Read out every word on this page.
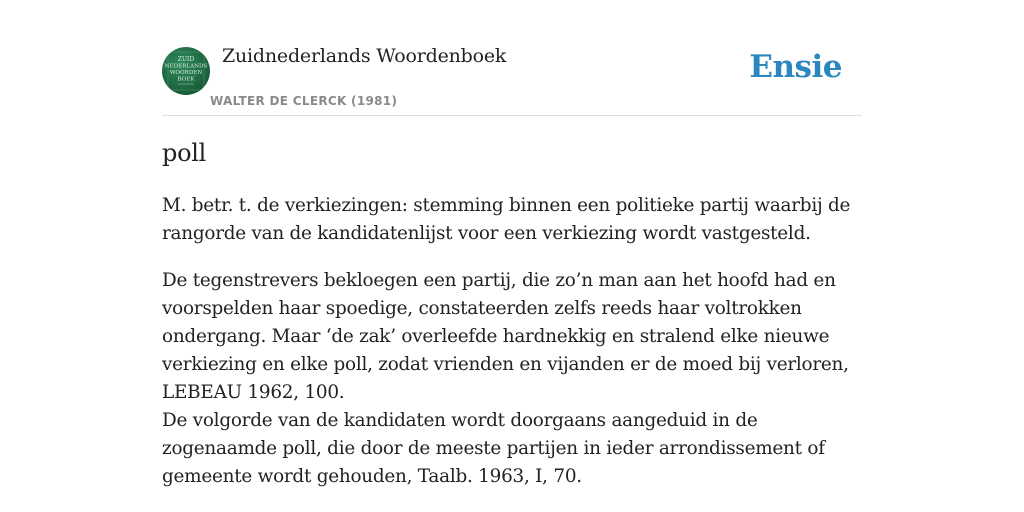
ZUID
NEDERLANDS
WOORDEN
BOEK
Zuidnederlands Woordenboek
WALTER DE CLERCK (1981)
Ensie
poll

M. betr. t. de verkiezingen: stemming binnen een politieke partij waarbij de rangorde van de kandidatenlijst voor een verkiezing wordt vastgesteld.

De tegenstrevers bekloegen een partij, die zo’n man aan het hoofd had en voorspelden haar spoedige, constateerden zelfs reeds haar voltrokken ondergang. Maar ‘de zak’ overleefde hardnekkig en stralend elke nieuwe verkiezing en elke poll, zodat vrienden en vijanden er de moed bij verloren, LEBEAU 1962, 100.

De volgorde van de kandidaten wordt doorgaans aangeduid in de zogenaamde poll, die door de meeste partijen in ieder arrondissement of gemeente wordt gehouden, Taalb. 1963, I, 70.
